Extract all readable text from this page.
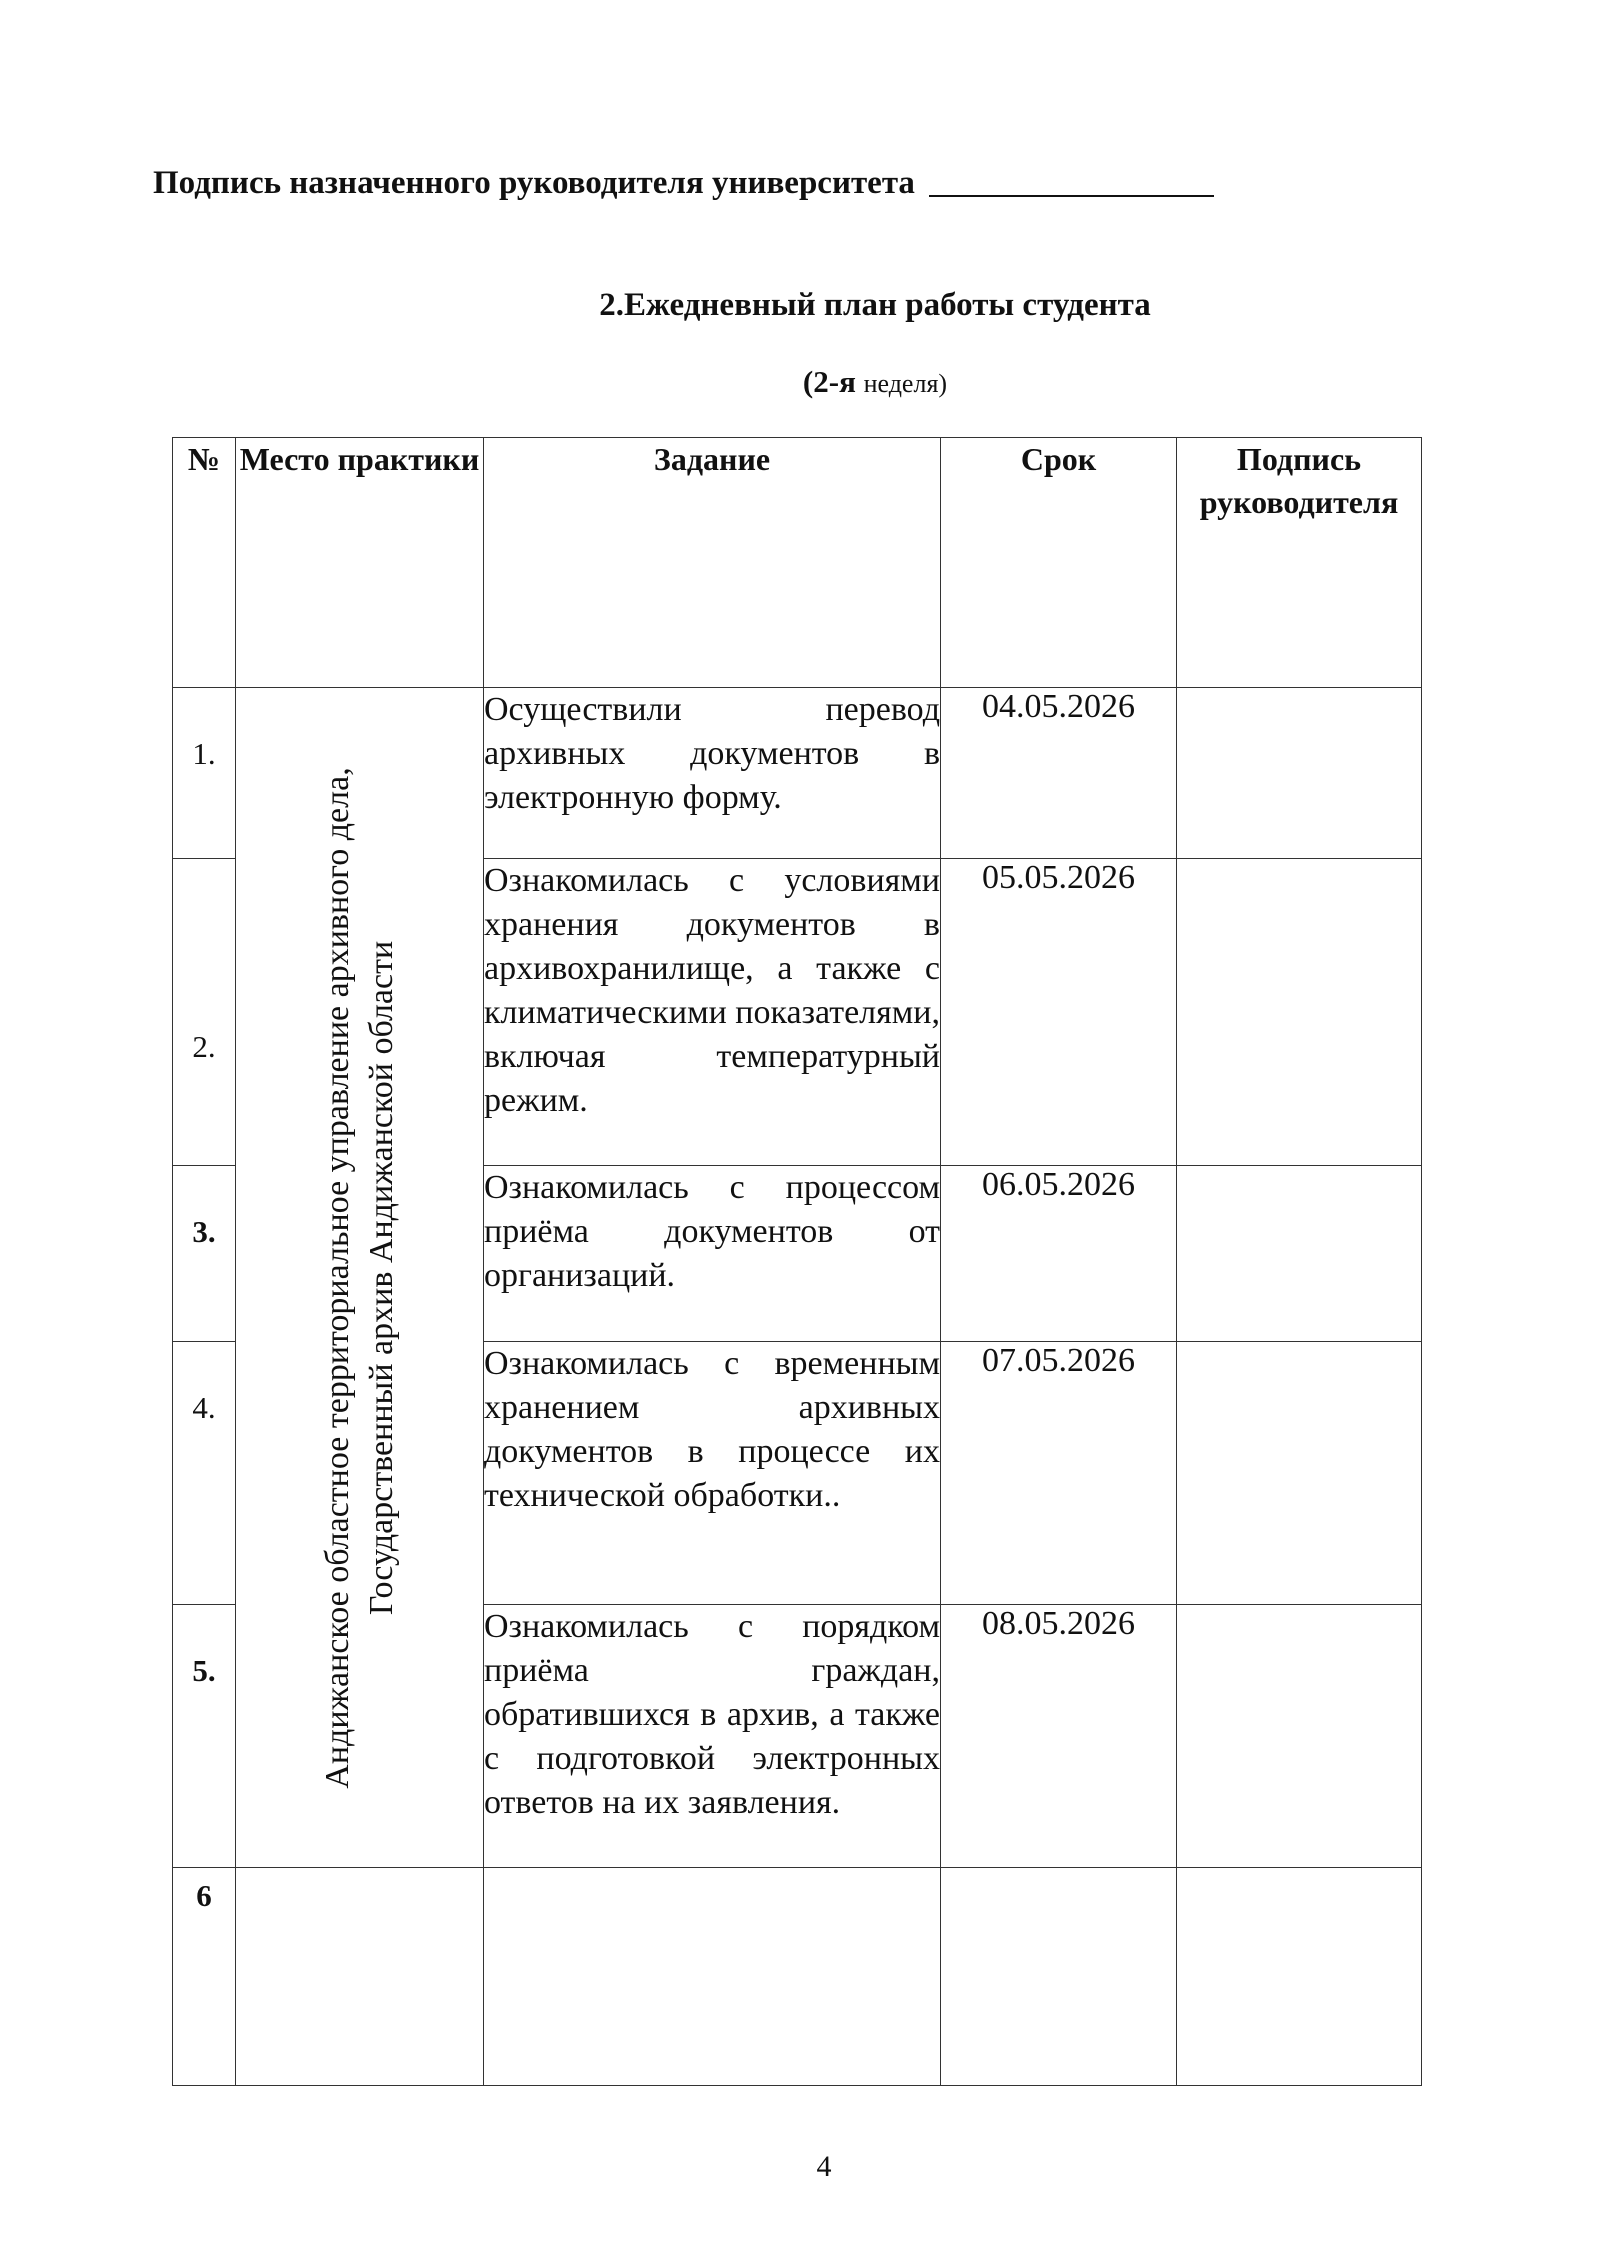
Подпись назначенного руководителя университета
2.Ежедневный план работы студента
(2-я неделя)
№	Место практики	Задание	Срок	Подпись руководителя
1.	Андижанское областное территориальное управление архивного дела, Государственный архив Андижанской области	Осуществили перевод архивных документов в электронную форму.	04.05.2026	
2.		Ознакомилась с условиями хранения документов в архивохранилище, а также с климатическими показателями, включая температурный режим.	05.05.2026	
3.		Ознакомилась с процессом приёма документов от организаций.	06.05.2026	
4.		Ознакомилась с временным хранением архивных документов в процессе их технической обработки..	07.05.2026	
5.		Ознакомилась с порядком приёма граждан, обратившихся в архив, а также с подготовкой электронных ответов на их заявления.	08.05.2026	
6				
4
